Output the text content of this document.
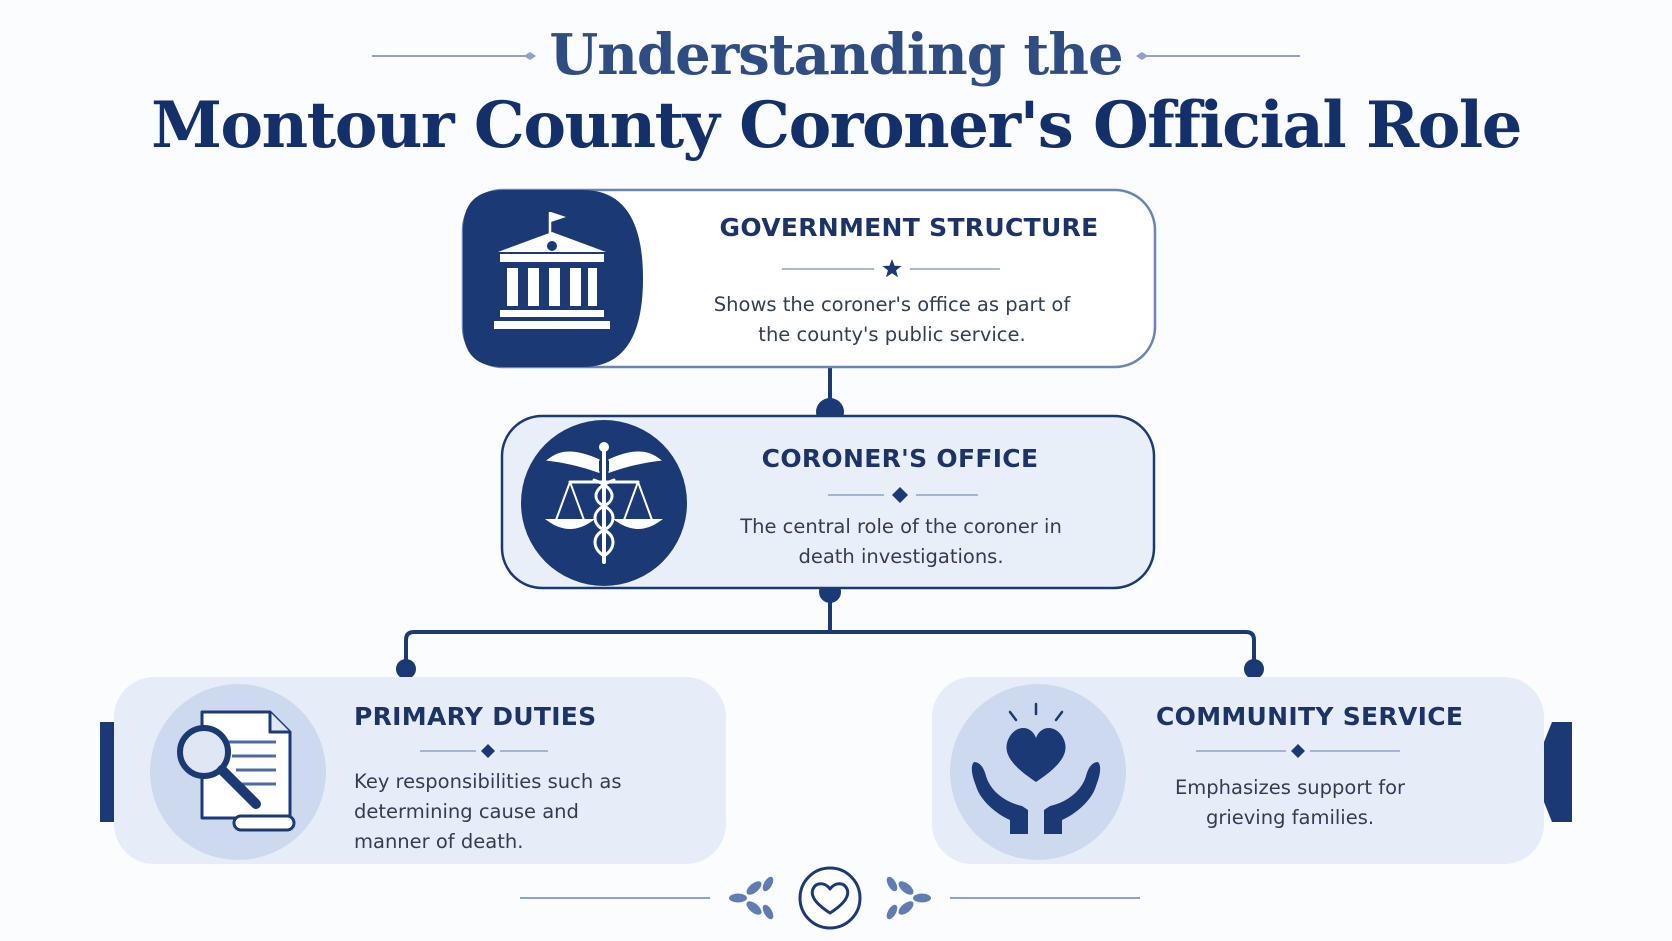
Understanding the
Montour County Coroner's Official Role
GOVERNMENT STRUCTURE
Shows the coroner's office as part of the county's public service.
CORONER'S OFFICE
The central role of the coroner in death investigations.
PRIMARY DUTIES
Key responsibilities such as determining cause and manner of death.
COMMUNITY SERVICE
Emphasizes support for grieving families.
